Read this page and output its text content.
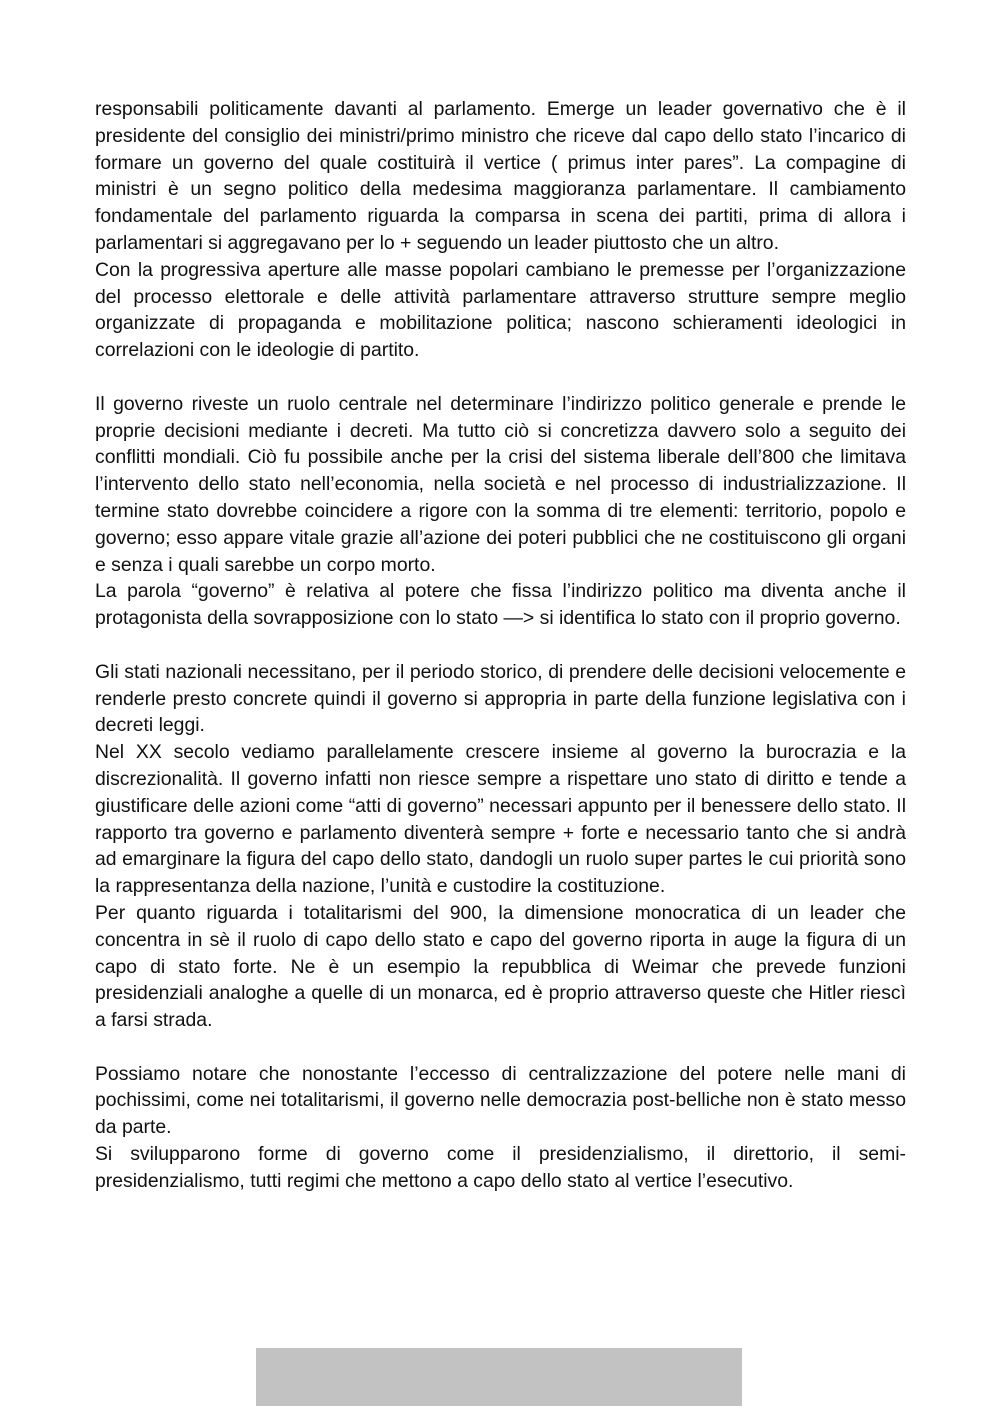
responsabili politicamente davanti al parlamento. Emerge un leader governativo che è il presidente del consiglio dei ministri/primo ministro che riceve dal capo dello stato l’incarico di formare un governo del quale costituirà il vertice ( primus inter pares”. La compagine di ministri è un segno politico della medesima maggioranza parlamentare. Il cambiamento fondamentale del parlamento riguarda la comparsa in scena dei partiti, prima di allora i parlamentari si aggregavano per lo + seguendo un leader piuttosto che un altro.

Con la progressiva aperture alle masse popolari cambiano le premesse per l’organizzazione del processo elettorale e delle attività parlamentare attraverso strutture sempre meglio organizzate di propaganda e mobilitazione politica; nascono schieramenti ideologici in correlazioni con le ideologie di partito.

Il governo riveste un ruolo centrale nel determinare l’indirizzo politico generale e prende le proprie decisioni mediante i decreti. Ma tutto ciò si concretizza davvero solo a seguito dei conflitti mondiali. Ciò fu possibile anche per la crisi del sistema liberale dell’800 che limitava l’intervento dello stato nell’economia, nella società e nel processo di industrializzazione. Il termine stato dovrebbe coincidere a rigore con la somma di tre elementi: territorio, popolo e governo; esso appare vitale grazie all’azione dei poteri pubblici che ne costituiscono gli organi e senza i quali sarebbe un corpo morto.

La parola “governo” è relativa al potere che fissa l’indirizzo politico ma diventa anche il protagonista della sovrapposizione con lo stato —> si identifica lo stato con il proprio governo.

Gli stati nazionali necessitano, per il periodo storico, di prendere delle decisioni velocemente e renderle presto concrete quindi il governo si appropria in parte della funzione legislativa con i decreti leggi.

Nel XX secolo vediamo parallelamente crescere insieme al governo la burocrazia e la discrezionalità. Il governo infatti non riesce sempre a rispettare uno stato di diritto e tende a giustificare delle azioni come “atti di governo” necessari appunto per il benessere dello stato. Il rapporto tra governo e parlamento diventerà sempre + forte e necessario tanto che si andrà ad emarginare la figura del capo dello stato, dandogli un ruolo super partes le cui priorità sono la rappresentanza della nazione, l’unità e custodire la costituzione.

Per quanto riguarda i totalitarismi del 900, la dimensione monocratica di un leader che concentra in sè il ruolo di capo dello stato e capo del governo riporta in auge la figura di un capo di stato forte. Ne è un esempio la repubblica di Weimar che prevede funzioni presidenziali analoghe a quelle di un monarca, ed è proprio attraverso queste che Hitler riescì a farsi strada.

Possiamo notare che nonostante l’eccesso di centralizzazione del potere nelle mani di pochissimi, come nei totalitarismi, il governo nelle democrazia post-belliche non è stato messo da parte.

Si svilupparono forme di governo come il presidenzialismo, il direttorio, il semi-presidenzialismo, tutti regimi che mettono a capo dello stato al vertice l’esecutivo.
